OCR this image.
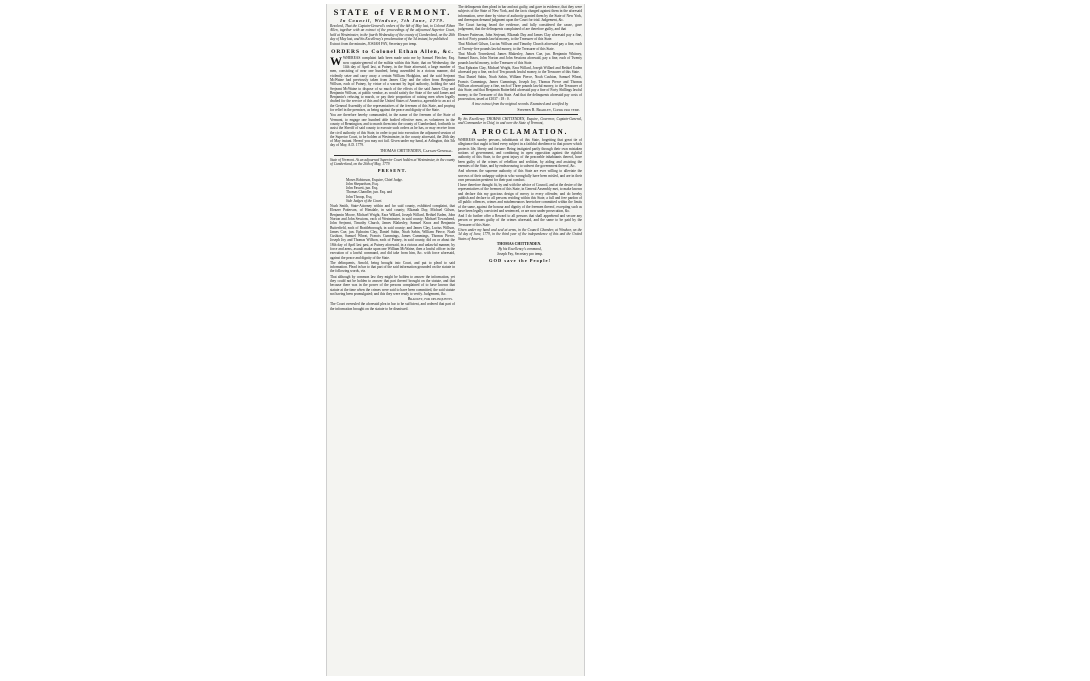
STATE of VERMONT.

In Council, Windsor, 7th June, 1779.

Resolved, That the Captain-General's orders of the 6th of May last, to Colonel Ethan Allen, together with an extract of the proceedings of the adjourned Superior Court, held at Westminster, in the fourth Wednesday of the county of Cumberland, on the 26th day of May last, and his Excellency's proclamation of the 3d instant, be published.

Extract from the minutes, JOSIAH FAY, Secretary pro temp.

ORDERS to Colonel Ethan Allen, &c.

WWHEREAS complaint hath been made unto me by Samuel Fletcher, Esq. now captain-general of the militia within this State, that on Wednesday, the 14th day of April last, at Putney, in the State aforesaid, a large number of men, consisting of near one hundred, being assembled in a riotous manner, did violently seize and carry away a certain William Hodgkins, and the said Serjeant McWaine had previously taken from James Clay and the other from Benjamin Willson, each of Putney, by virtue of a warrant by legal authority, holding the said Serjeant McWaine to dispose of so much of the effects of the said James Clay and Benjamin Willson, at public vendue, as would satisfy the State of the said James and Benjamin's refusing to march, or pay their proportion of raising men when legally drafted for the service of this and the United States of America, agreeable to an act of the General Assembly of the representatives of the freemen of this State, and praying for relief in the premises, as being against the peace and dignity of the State.

You are therefore hereby commanded, in the name of the freemen of the State of Vermont, to engage one hundred able bodied effective men, as volunteers in the county of Bennington, and to march them into the county of Cumberland, forthwith to assist the Sheriff of said county to execute such orders as he has, or may receive from the civil authority of this State, in order to put into execution the adjourned session of the Superior Court, to be holden at Westminster, in the county aforesaid, the 26th day of May instant. Hereof you may not fail. Given under my hand, at Arlington, this 5th day of May, A.D. 1779.

THOMAS CHITTENDEN, Captain-General.

State of Vermont. At an adjourned Superior Court holden at Westminster, in the county of Cumberland, on the 26th of May, 1779.

PRESENT.

Moses Robinson, Esquire, Chief Judge.
John Shepardson, Esq.
John Fassett, jun. Esq.
Thomas Chandler, jun. Esq. and
John Throop, Esq.
Side Judges of the Court.

Noah Smith, State-Attorney within and for said county, exhibited complaint, that Eleazer Patterson, of Hinsdale, in said county; Elkanah Day, Michael Gilson, Benjamin Moore, Michael Wright, Ezra Willard, Joseph Willard, Bethiel Eaden, John Norton and John Sessions, each of Westminster, in said county; Michael Townshend, John Serjeant, Timothy Church, James Blakesley, Samuel Knox and Benjamin Butterfield, each of Brattleborough, in said county; and James Clay, Lucius Willson, James Cue, jun. Ephraim Clay, Daniel Sabin, Noah Sabin, William Pierce, Noah Cushion, Samuel Wheat, Francis Cummings, James Cummings, Thomas Pierce, Joseph Joy and Thomas Willson, each of Putney, in said county, did on or about the 18th day of April last past, at Putney aforesaid, in a riotous and unlawful manner, by force and arms, assault make upon one William McWaine, then a lawful officer in the execution of a lawful command, and did take from him, &c. with force aforesaid, against the peace and dignity of the State.

The delinquents, Arnold, being brought into Court, and put to plead to said information. Plead in bar to that part of the said information grounded on the statute in the following words, viz.

That although by common law they might be holden to answer the information, yet they could not be holden to answer that part thereof brought on the statute, and that because there was in the power of the persons complained of to have known that statute at the time when the crimes were said to have been committed, the said statute not having been promulgated; and this they were ready to verify. Judgement, &c.

Bradley, for delinquents.

The Court overruled the aforesaid plea in bar to be sufficient, and ordered that part of the information brought on the statute to be dismissed.

The delinquents then plead in bar and not guilty, and gave in evidence, that they were subjects of the State of New York, and the facts charged against them in the aforesaid information, were done by virtue of authority granted them by the State of New York, and thereupon demand judgment upon the Court for trial. Judgement, &c.

The Court having heard the evidence, and fully considered the cause, gave judgement, that the delinquents complained of are therefore guilty, and that

Eleazer Patterson, John Serjeant, Elkanah Day and James Clay aforesaid pay a fine, each of Forty pounds lawful money, to the Treasurer of this State.

That Michael Gilson, Lucius Willson and Timothy Church aforesaid pay a fine, each of Twenty-five pounds lawful money, to the Treasurer of this State.

That Micah Townshend, James Blakesley, James Cue, jun. Benjamin Whitney, Samuel Knox, John Norton and John Sessions aforesaid, pay a fine, each of Twenty pounds lawful money, to the Treasurer of this State.

That Ephraim Clay, Michael Wright, Ezra Willard, Joseph Willard and Bethiel Eaden aforesaid pay a fine, each of Ten pounds lawful money, to the Treasurer of this State.

That Daniel Sabin, Noah Sabin, William Pierce, Noah Cushion, Samuel Wheat, Francis Cummings, James Cummings, Joseph Joy, Thomas Pierce and Thomas Willson aforesaid pay a fine, each of Three pounds lawful money, to the Treasurer of this State; and that Benjamin Butterfield aforesaid pay a fine of Forty Shillings lawful money, to the Treasurer of this State. And that the delinquents aforesaid pay costs of prosecution, taxed at £1037 : 18 : 0.

A true extract from the original records. Examined and certified by

Stephen R. Bradley, Clerk pro temp.

By his Excellency THOMAS CHITTENDEN, Esquire, Governor, Captain-General, and Commander in Chief, in and over the State of Vermont,

A PROCLAMATION.

WHEREAS sundry persons, inhabitants of this State, forgetting that great tie of allegiance that ought to bind every subject in a faithful obedience to that power which protects life, liberty and fortune: Being instigated partly through their own mistaken notions of government, and combining in open opposition against the rightful authority of this State, to the great injury of the peaceable inhabitants thereof, have been guilty of the crimes of rebellion and sedition, by aiding and assisting the enemies of the State, and by endeavouring to subvert the government thereof, &c.

And whereas the supreme authority of this State are ever willing to alleviate the sorrows of their unhappy subjects who wrongfully have been misled, and are in their own persuasion penitent for their past conduct.

I have therefore thought fit, by and with the advice of Council, and at the desire of the representatives of the freemen of this State, in General Assembly met, to make known and declare this my gracious design of mercy to every offender, and do hereby publish and declare to all persons residing within this State, a full and free pardon of all public offences, crimes and misdemeanors heretofore committed within the limits of the same, against the honour and dignity of the freemen thereof, excepting such as have been legally convicted and sentenced, or are now under prosecution, &c.

And I do further offer a Reward to all persons that shall apprehend and secure any person or persons guilty of the crimes aforesaid, and the same to be paid by the Treasurer of this State.

Given under my hand and seal at arms, in the Council Chamber, at Windsor, on the 3d day of June, 1779, in the third year of the independence of this and the United States of America.

THOMAS CHITTENDEN.

By his Excellency's command,

Joseph Fay, Secretary pro temp.

GOD save the People!
